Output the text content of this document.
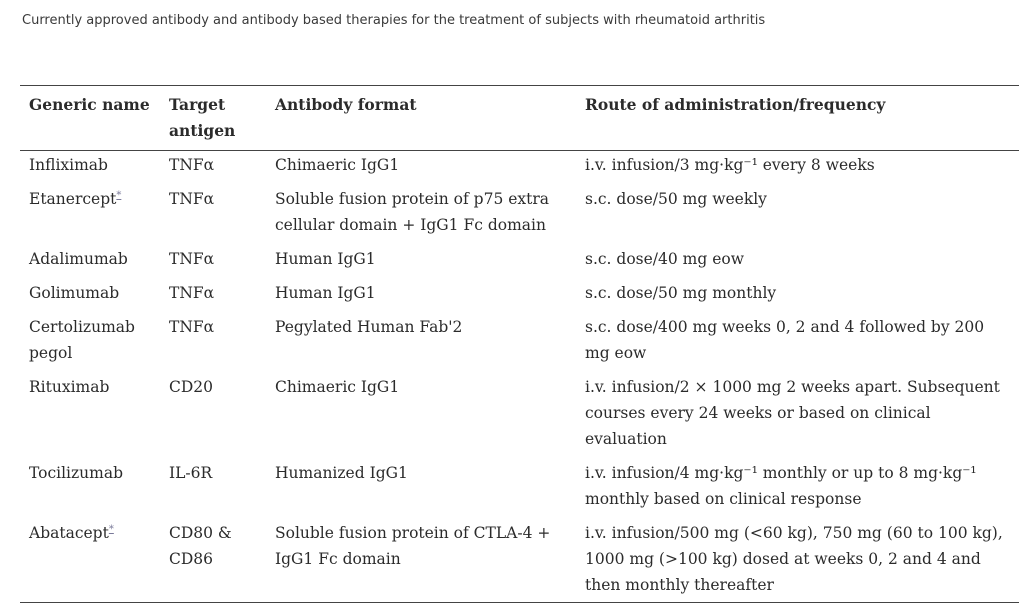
Currently approved antibody and antibody based therapies for the treatment of subjects with rheumatoid arthritis
Generic name	Target antigen	Antibody format	Route of administration/frequency
Infliximab	TNFα	Chimaeric IgG1	i.v. infusion/3 mg·kg⁻¹ every 8 weeks
Etanercept*	TNFα	Soluble fusion protein of p75 extra cellular domain + IgG1 Fc domain	s.c. dose/50 mg weekly
Adalimumab	TNFα	Human IgG1	s.c. dose/40 mg eow
Golimumab	TNFα	Human IgG1	s.c. dose/50 mg monthly
Certolizumab pegol	TNFα	Pegylated Human Fab'2	s.c. dose/400 mg weeks 0, 2 and 4 followed by 200 mg eow
Rituximab	CD20	Chimaeric IgG1	i.v. infusion/2 × 1000 mg 2 weeks apart. Subsequent courses every 24 weeks or based on clinical evaluation
Tocilizumab	IL-6R	Humanized IgG1	i.v. infusion/4 mg·kg⁻¹ monthly or up to 8 mg·kg⁻¹ monthly based on clinical response
Abatacept*	CD80 & CD86	Soluble fusion protein of CTLA-4 + IgG1 Fc domain	i.v. infusion/500 mg (<60 kg), 750 mg (60 to 100 kg), 1000 mg (>100 kg) dosed at weeks 0, 2 and 4 and then monthly thereafter
